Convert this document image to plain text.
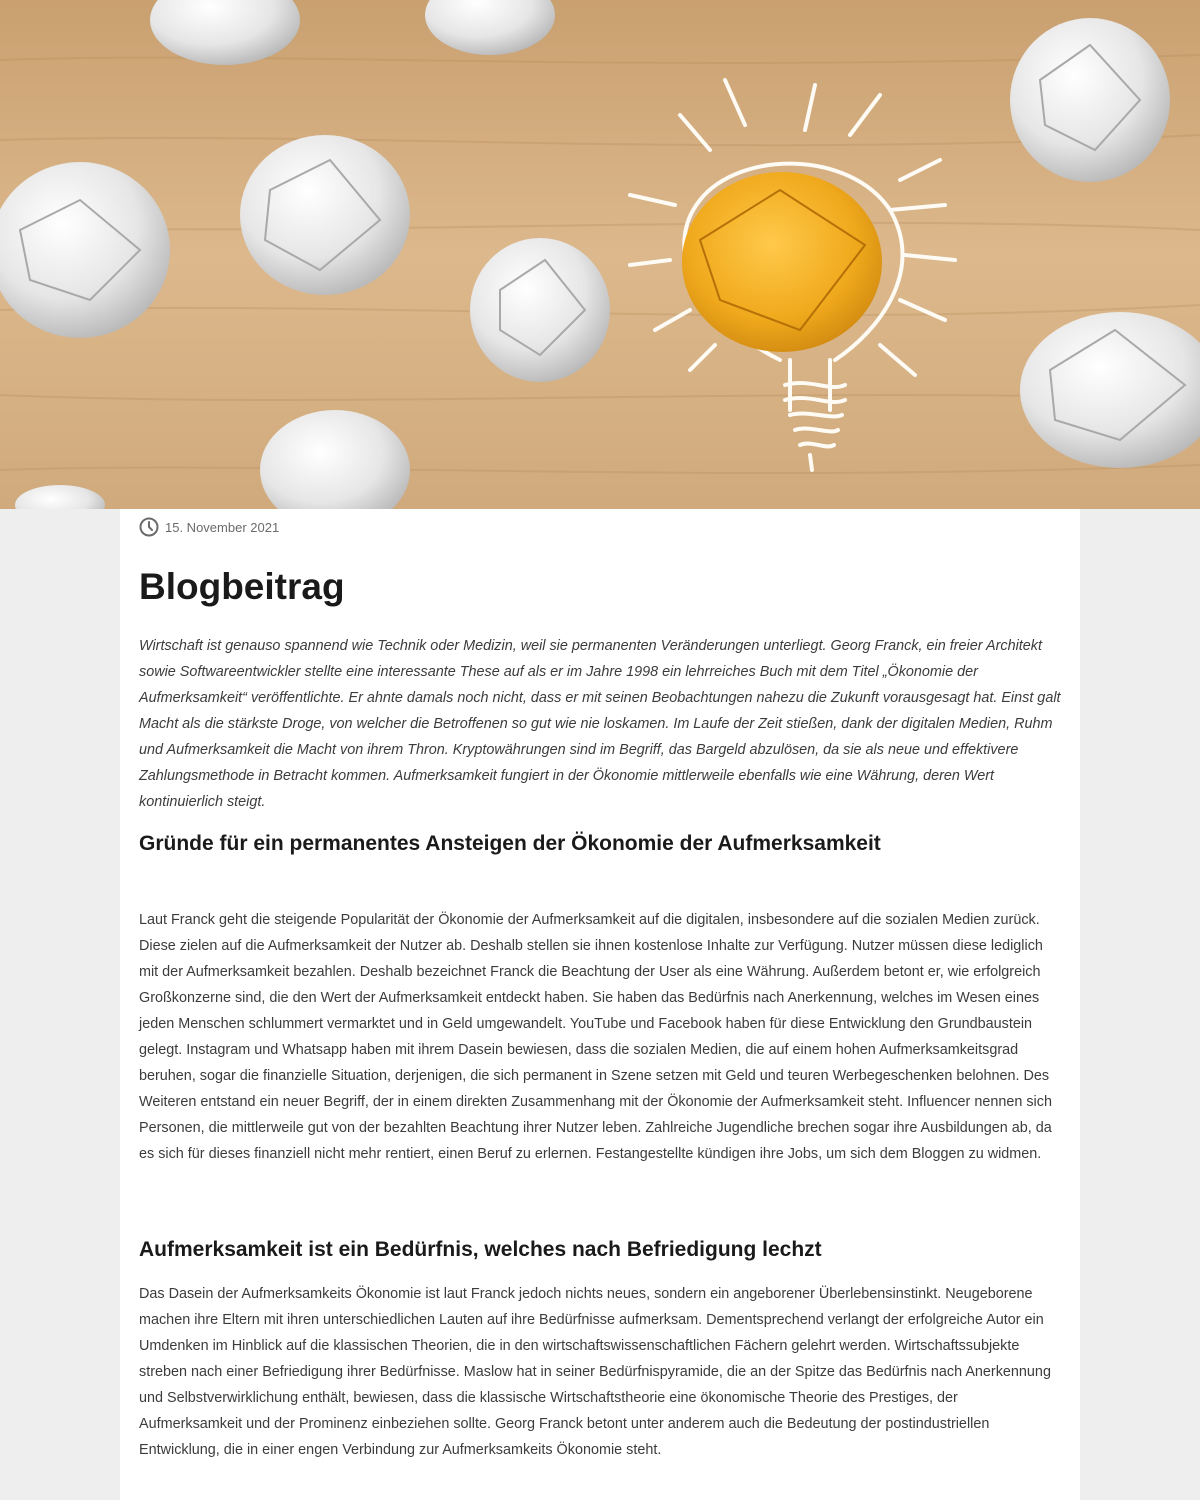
15. November 2021
Blogbeitrag

Wirtschaft ist genauso spannend wie Technik oder Medizin, weil sie permanenten Veränderungen unterliegt. Georg Franck, ein freier Architekt sowie Softwareentwickler stellte eine interessante These auf als er im Jahre 1998 ein lehrreiches Buch mit dem Titel „Ökonomie der Aufmerksamkeit“ veröffentlichte. Er ahnte damals noch nicht, dass er mit seinen Beobachtungen nahezu die Zukunft vorausgesagt hat. Einst galt Macht als die stärkste Droge, von welcher die Betroffenen so gut wie nie loskamen. Im Laufe der Zeit stießen, dank der digitalen Medien, Ruhm und Aufmerksamkeit die Macht von ihrem Thron. Kryptowährungen sind im Begriff, das Bargeld abzulösen, da sie als neue und effektivere Zahlungsmethode in Betracht kommen. Aufmerksamkeit fungiert in der Ökonomie mittlerweile ebenfalls wie eine Währung, deren Wert kontinuierlich steigt.

Gründe für ein permanentes Ansteigen der Ökonomie der Aufmerksamkeit

Laut Franck geht die steigende Popularität der Ökonomie der Aufmerksamkeit auf die digitalen, insbesondere auf die sozialen Medien zurück. Diese zielen auf die Aufmerksamkeit der Nutzer ab. Deshalb stellen sie ihnen kostenlose Inhalte zur Verfügung. Nutzer müssen diese lediglich mit der Aufmerksamkeit bezahlen. Deshalb bezeichnet Franck die Beachtung der User als eine Währung. Außerdem betont er, wie erfolgreich Großkonzerne sind, die den Wert der Aufmerksamkeit entdeckt haben. Sie haben das Bedürfnis nach Anerkennung, welches im Wesen eines jeden Menschen schlummert vermarktet und in Geld umgewandelt. YouTube und Facebook haben für diese Entwicklung den Grundbaustein gelegt. Instagram und Whatsapp haben mit ihrem Dasein bewiesen, dass die sozialen Medien, die auf einem hohen Aufmerksamkeitsgrad beruhen, sogar die finanzielle Situation, derjenigen, die sich permanent in Szene setzen mit Geld und teuren Werbegeschenken belohnen. Des Weiteren entstand ein neuer Begriff, der in einem direkten Zusammenhang mit der Ökonomie der Aufmerksamkeit steht. Influencer nennen sich Personen, die mittlerweile gut von der bezahlten Beachtung ihrer Nutzer leben. Zahlreiche Jugendliche brechen sogar ihre Ausbildungen ab, da es sich für dieses finanziell nicht mehr rentiert, einen Beruf zu erlernen. Festangestellte kündigen ihre Jobs, um sich dem Bloggen zu widmen.

Aufmerksamkeit ist ein Bedürfnis, welches nach Befriedigung lechzt

Das Dasein der Aufmerksamkeits Ökonomie ist laut Franck jedoch nichts neues, sondern ein angeborener Überlebensinstinkt. Neugeborene machen ihre Eltern mit ihren unterschiedlichen Lauten auf ihre Bedürfnisse aufmerksam. Dementsprechend verlangt der erfolgreiche Autor ein Umdenken im Hinblick auf die klassischen Theorien, die in den wirtschaftswissenschaftlichen Fächern gelehrt werden. Wirtschaftssubjekte streben nach einer Befriedigung ihrer Bedürfnisse. Maslow hat in seiner Bedürfnispyramide, die an der Spitze das Bedürfnis nach Anerkennung und Selbstverwirklichung enthält, bewiesen, dass die klassische Wirtschaftstheorie eine ökonomische Theorie des Prestiges, der Aufmerksamkeit und der Prominenz einbeziehen sollte. Georg Franck betont unter anderem auch die Bedeutung der postindustriellen Entwicklung, die in einer engen Verbindung zur Aufmerksamkeits Ökonomie steht.
